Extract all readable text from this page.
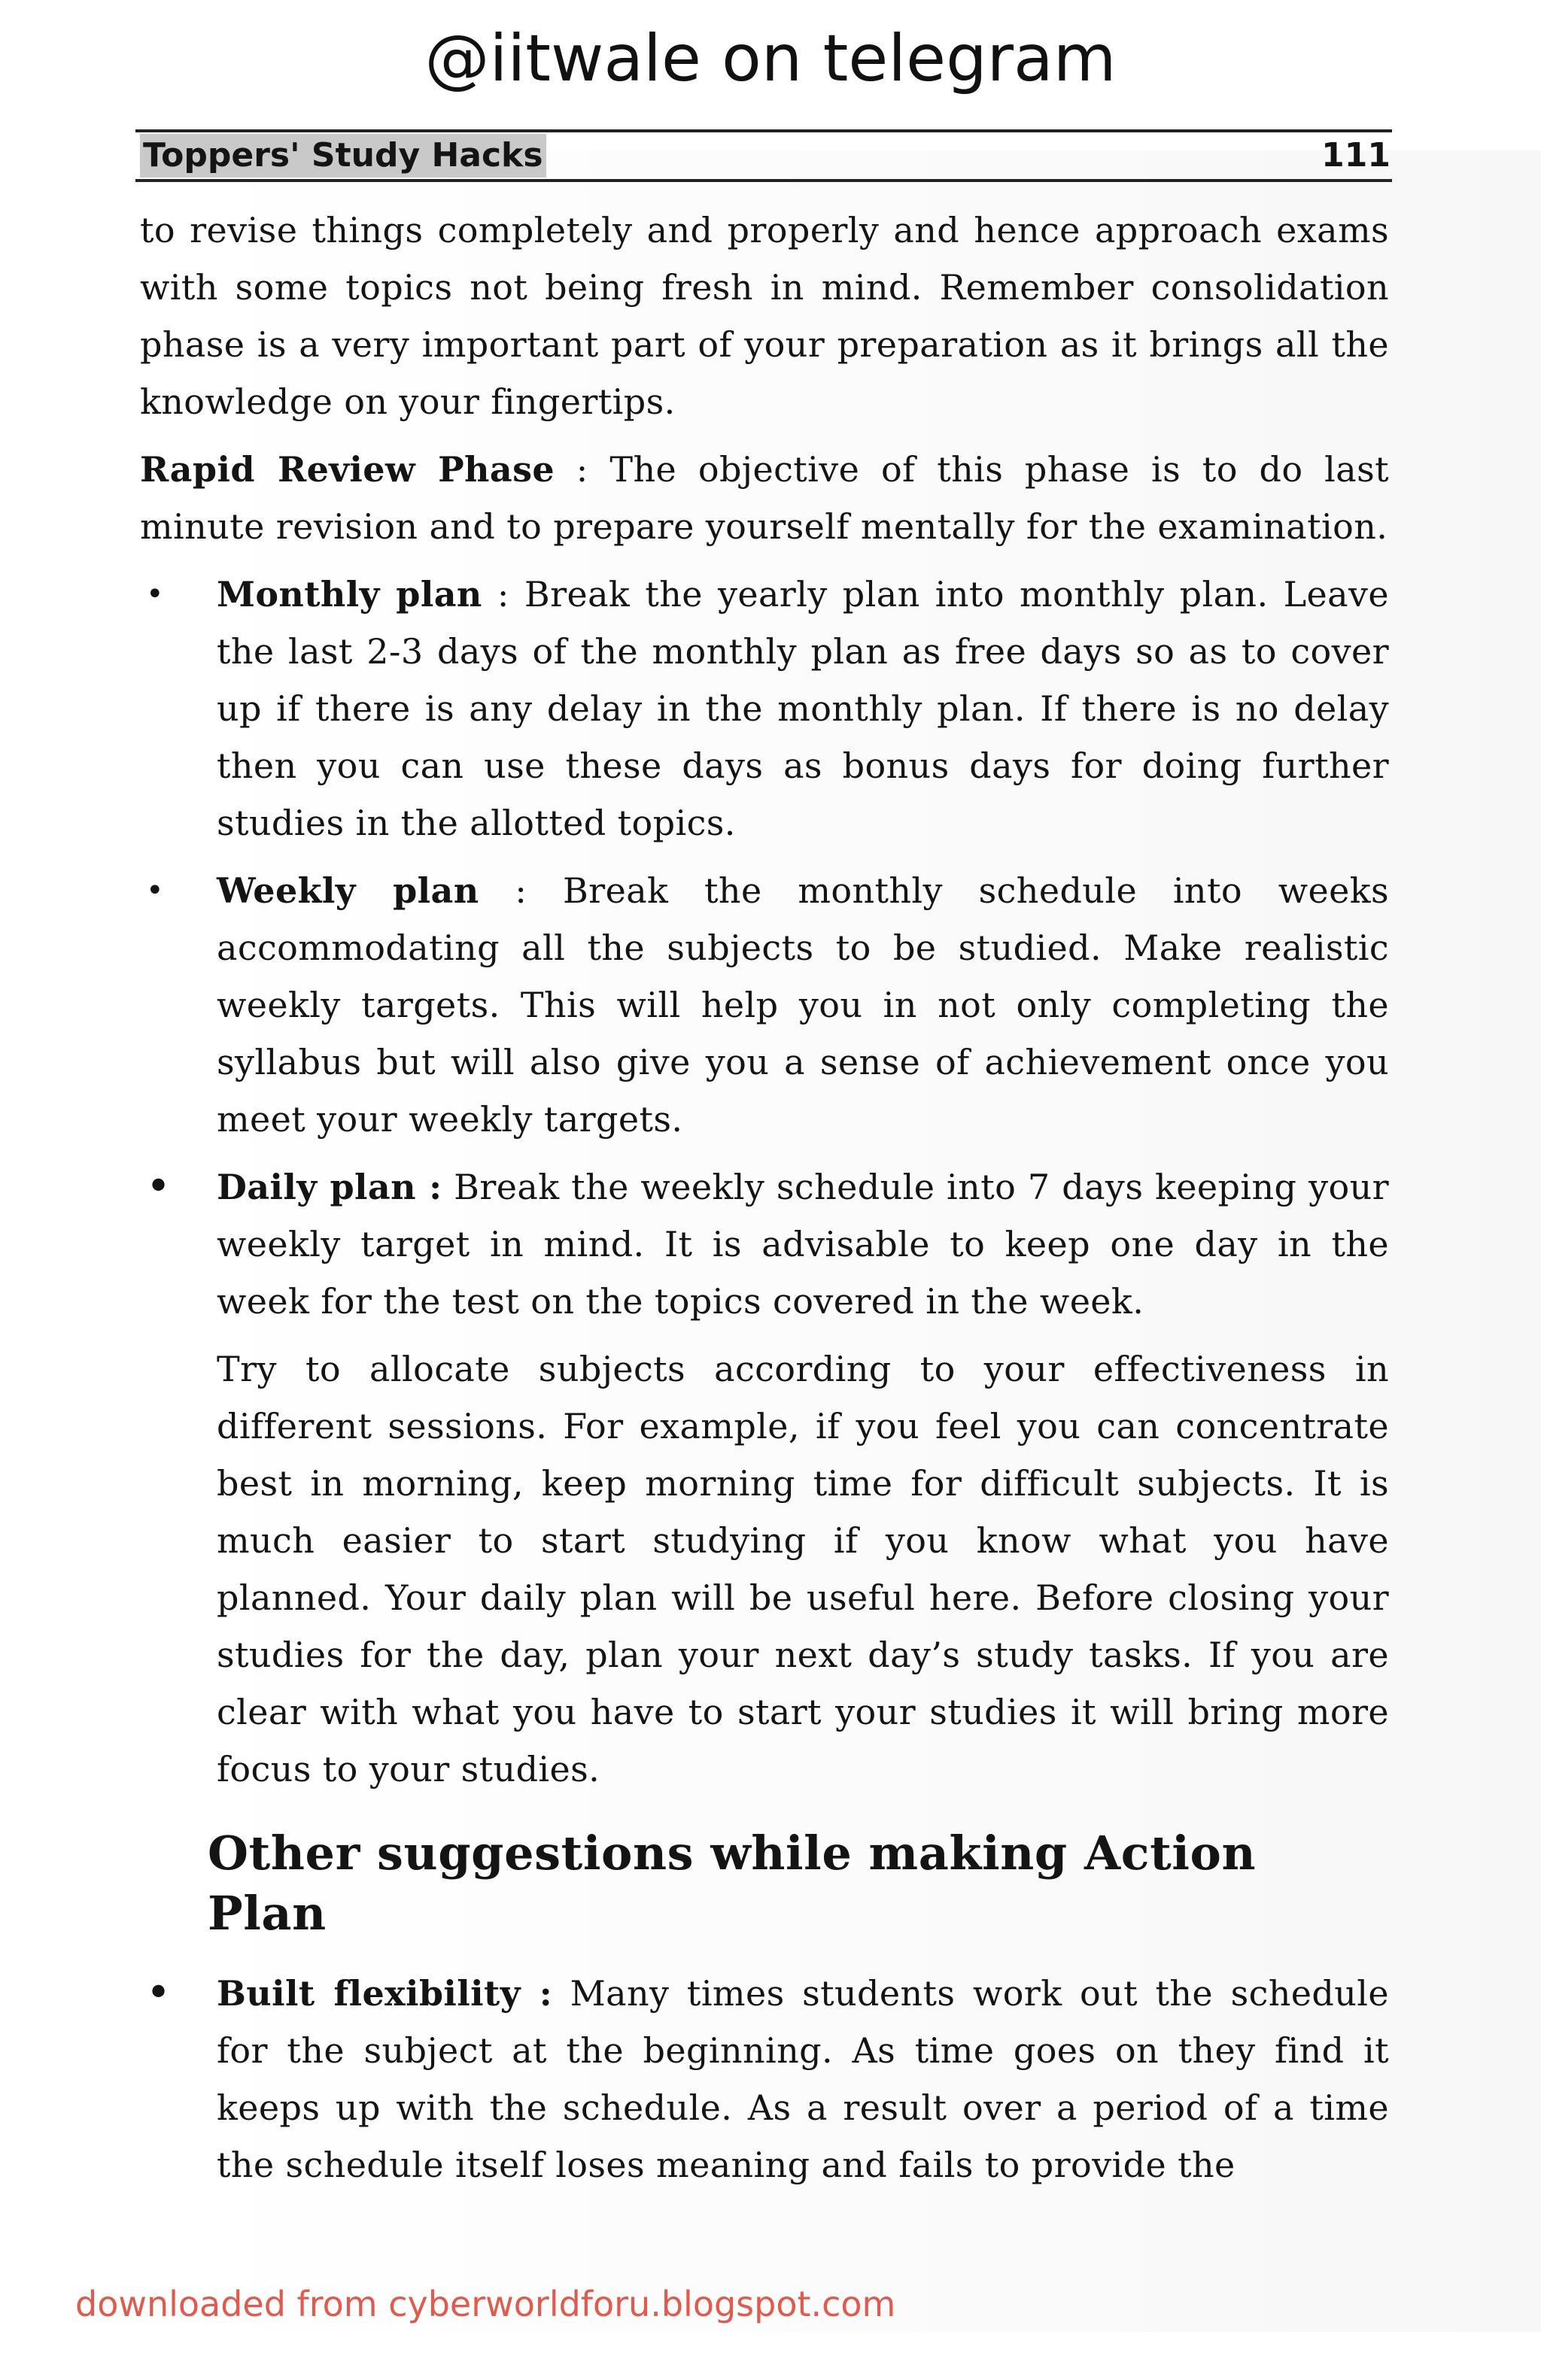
@iitwale on telegram
Toppers' Study Hacks	111

to revise things completely and properly and hence approach exams with some topics not being fresh in mind. Remember consolidation phase is a very important part of your preparation as it brings all the knowledge on your fingertips.

Rapid Review Phase : The objective of this phase is to do last minute revision and to prepare yourself mentally for the examination.

• Monthly plan : Break the yearly plan into monthly plan. Leave the last 2-3 days of the monthly plan as free days so as to cover up if there is any delay in the monthly plan. If there is no delay then you can use these days as bonus days for doing further studies in the allotted topics.
• Weekly plan : Break the monthly schedule into weeks accommodating all the subjects to be studied. Make realistic weekly targets. This will help you in not only completing the syllabus but will also give you a sense of achievement once you meet your weekly targets.
• Daily plan : Break the weekly schedule into 7 days keeping your weekly target in mind. It is advisable to keep one day in the week for the test on the topics covered in the week.

Try to allocate subjects according to your effectiveness in different sessions. For example, if you feel you can concentrate best in morning, keep morning time for difficult subjects. It is much easier to start studying if you know what you have planned. Your daily plan will be useful here. Before closing your studies for the day, plan your next day’s study tasks. If you are clear with what you have to start your studies it will bring more focus to your studies.

Other suggestions while making Action Plan
• Built flexibility : Many times students work out the schedule for the subject at the beginning. As time goes on they find it keeps up with the schedule. As a result over a period of a time the schedule itself loses meaning and fails to provide the
downloaded from cyberworldforu.blogspot.com
